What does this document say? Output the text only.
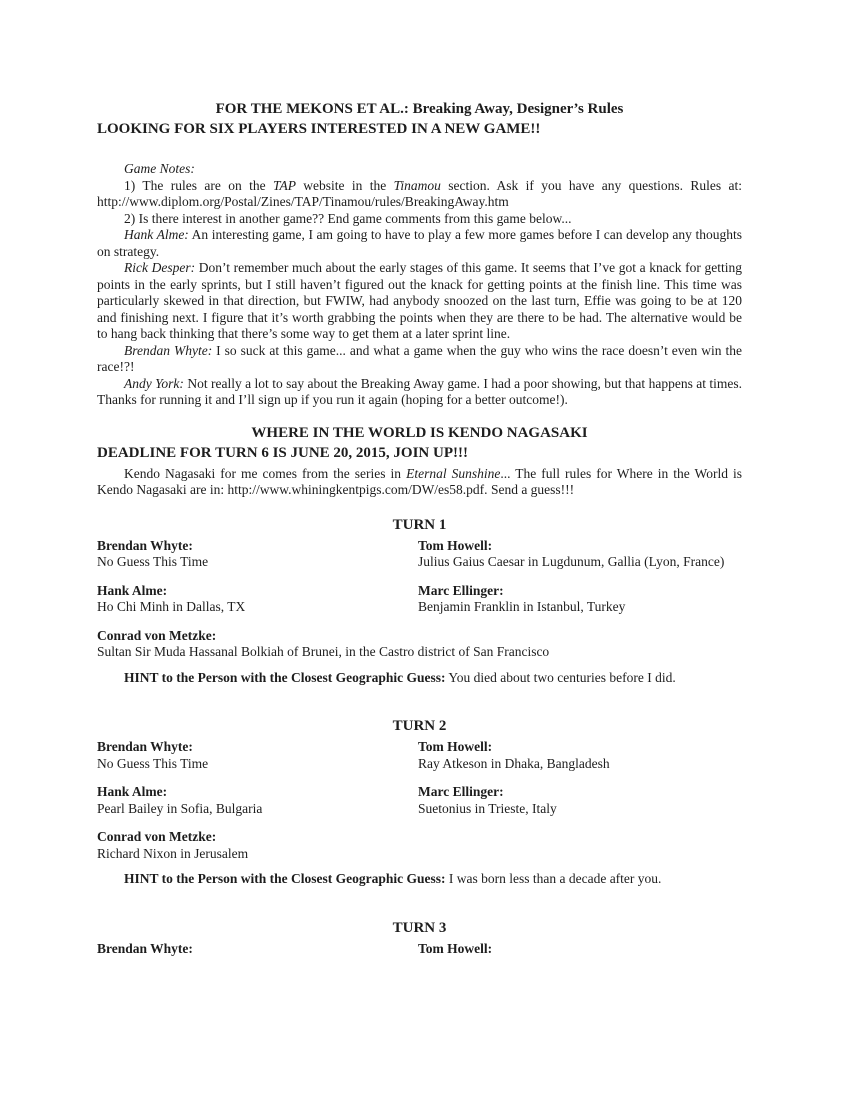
FOR THE MEKONS ET AL.: Breaking Away, Designer’s Rules
LOOKING FOR SIX PLAYERS INTERESTED IN A NEW GAME!!

Game Notes:

1) The rules are on the TAP website in the Tinamou section. Ask if you have any questions. Rules at: http://www.diplom.org/Postal/Zines/TAP/Tinamou/rules/BreakingAway.htm

2) Is there interest in another game?? End game comments from this game below...

Hank Alme: An interesting game, I am going to have to play a few more games before I can develop any thoughts on strategy.

Rick Desper: Don’t remember much about the early stages of this game. It seems that I’ve got a knack for getting points in the early sprints, but I still haven’t figured out the knack for getting points at the finish line. This time was particularly skewed in that direction, but FWIW, had anybody snoozed on the last turn, Effie was going to be at 120 and finishing next. I figure that it’s worth grabbing the points when they are there to be had. The alternative would be to hang back thinking that there’s some way to get them at a later sprint line.

Brendan Whyte: I so suck at this game... and what a game when the guy who wins the race doesn’t even win the race!?!

Andy York: Not really a lot to say about the Breaking Away game. I had a poor showing, but that happens at times. Thanks for running it and I’ll sign up if you run it again (hoping for a better outcome!).

WHERE IN THE WORLD IS KENDO NAGASAKI
DEADLINE FOR TURN 6 IS JUNE 20, 2015, JOIN UP!!!

Kendo Nagasaki for me comes from the series in Eternal Sunshine... The full rules for Where in the World is Kendo Nagasaki are in: http://www.whiningkentpigs.com/DW/es58.pdf. Send a guess!!!

TURN 1
Brendan Whyte:
No Guess This Time
Tom Howell:
Julius Gaius Caesar in Lugdunum, Gallia (Lyon, France)
Hank Alme:
Ho Chi Minh in Dallas, TX
Marc Ellinger:
Benjamin Franklin in Istanbul, Turkey
Conrad von Metzke:
Sultan Sir Muda Hassanal Bolkiah of Brunei, in the Castro district of San Francisco

HINT to the Person with the Closest Geographic Guess: You died about two centuries before I did.

TURN 2
Brendan Whyte:
No Guess This Time
Tom Howell:
Ray Atkeson in Dhaka, Bangladesh
Hank Alme:
Pearl Bailey in Sofia, Bulgaria
Marc Ellinger:
Suetonius in Trieste, Italy
Conrad von Metzke:
Richard Nixon in Jerusalem

HINT to the Person with the Closest Geographic Guess: I was born less than a decade after you.

TURN 3
Brendan Whyte:	Tom Howell:
